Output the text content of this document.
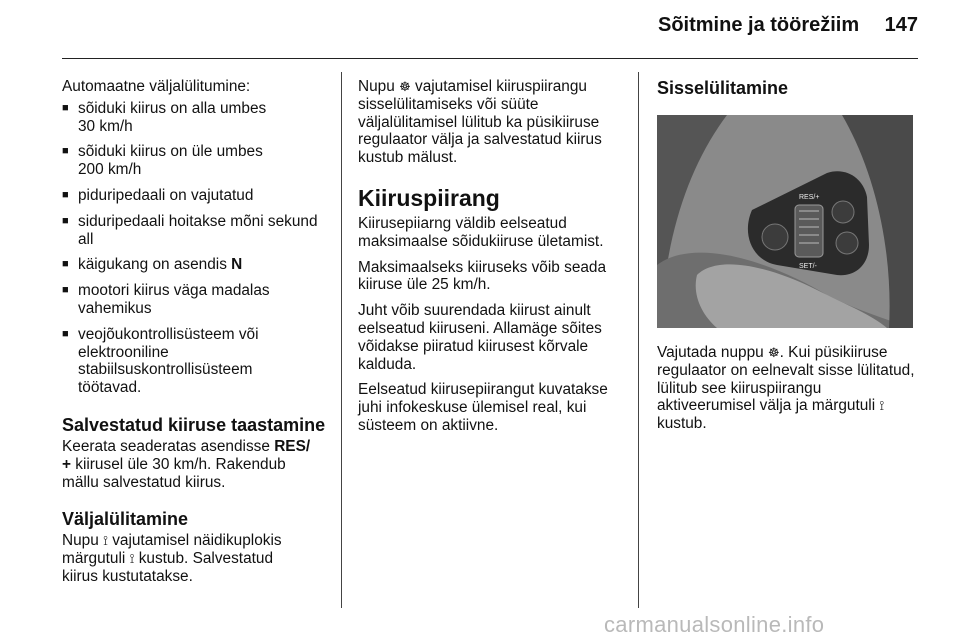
Sõitmine ja töörežiim 147

Automaatne väljalülitumine:

■ sõiduki kiirus on alla umbes
30 km/h
■ sõiduki kiirus on üle umbes
200 km/h
■ piduripedaali on vajutatud
■ siduripedaali hoitakse mõni sekund
all
■ käigukang on asendis N
■ mootori kiirus väga madalas
vahemikus
■ veojõukontrollisüsteem või
elektrooniline
stabiilsuskontrollisüsteem
töötavad.
Salvestatud kiiruse taastamine

Keerata seaderatas asendisse RES/
+ kiirusel üle 30 km/h. Rakendub
mällu salvestatud kiirus.

Väljalülitamine

Nupu ⟟ vajutamisel näidikuplokis
märgutuli ⟟ kustub. Salvestatud
kiirus kustutatakse.

Nupu ☸ vajutamisel kiiruspiirangu
sisselülitamiseks või süüte
väljalülitamisel lülitub ka püsikiiruse
regulaator välja ja salvestatud kiirus
kustub mälust.

Kiiruspiirang

Kiirusepiiarng väldib eelseatud
maksimaalse sõidukiiruse ületamist.

Maksimaalseks kiiruseks võib seada
kiiruse üle 25 km/h.

Juht võib suurendada kiirust ainult
eelseatud kiiruseni. Allamäge sõites
võidakse piiratud kiirusest kõrvale
kalduda.

Eelseatud kiirusepiirangut kuvatakse
juhi infokeskuse ülemisel real, kui
süsteem on aktiivne.

Sisselülitamine
RES/+
SET/-

Vajutada nuppu ☸. Kui püsikiiruse
regulaator on eelnevalt sisse lülitatud,
lülitub see kiiruspiirangu
aktiveerumisel välja ja märgutuli ⟟
kustub.

carmanualsonline.info
